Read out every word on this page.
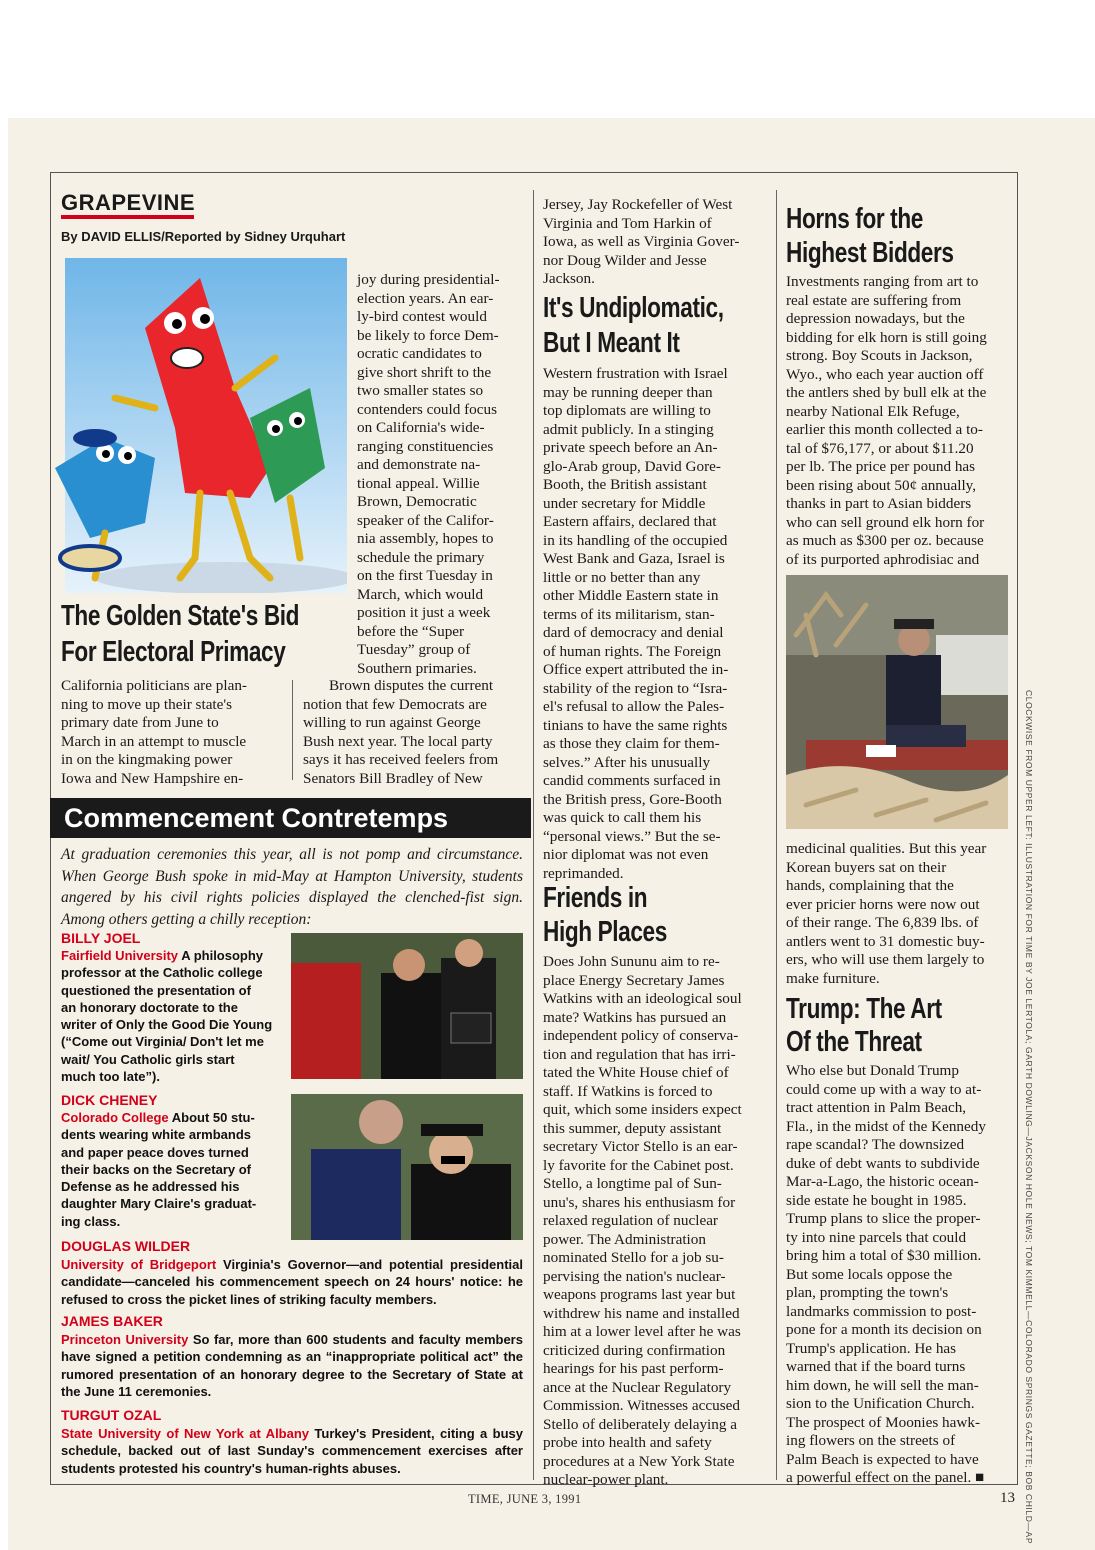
GRAPEVINE
By DAVID ELLIS/Reported by Sidney Urquhart
The Golden State's Bid
For Electoral Primacy
California politicians are plan-
ning to move up their state's
primary date from June to
March in an attempt to muscle
in on the kingmaking power
Iowa and New Hampshire en-
joy during presidential-
election years. An ear-
ly-bird contest would
be likely to force Dem-
ocratic candidates to
give short shrift to the
two smaller states so
contenders could focus
on California's wide-
ranging constituencies
and demonstrate na-
tional appeal. Willie
Brown, Democratic
speaker of the Califor-
nia assembly, hopes to
schedule the primary
on the first Tuesday in
March, which would
position it just a week
before the “Super
Tuesday” group of
Southern primaries.
Brown disputes the current
notion that few Democrats are
willing to run against George
Bush next year. The local party
says it has received feelers from
Senators Bill Bradley of New
Commencement Contretemps
At graduation ceremonies this year, all is not pomp and circumstance. When George Bush spoke in mid-May at Hampton University, students angered by his civil rights policies displayed the clenched-fist sign. Among others getting a chilly reception:
BILLY JOEL
Fairfield University A philosophy
professor at the Catholic college
questioned the presentation of
an honorary doctorate to the
writer of Only the Good Die Young
(“Come out Virginia/ Don't let me
wait/ You Catholic girls start
much too late”).
DICK CHENEY
Colorado College About 50 stu-
dents wearing white armbands
and paper peace doves turned
their backs on the Secretary of
Defense as he addressed his
daughter Mary Claire's graduat-
ing class.
DOUGLAS WILDER
University of Bridgeport Virginia's Governor—and potential presidential candidate—canceled his commencement speech on 24 hours' notice: he refused to cross the picket lines of striking faculty members.
JAMES BAKER
Princeton University So far, more than 600 students and faculty members have signed a petition condemning as an “inappropriate political act” the rumored presentation of an honorary degree to the Secretary of State at the June 11 ceremonies.
TURGUT OZAL
State University of New York at Albany Turkey's President, citing a busy schedule, backed out of last Sunday's commencement exercises after students protested his country's human-rights abuses.
Jersey, Jay Rockefeller of West
Virginia and Tom Harkin of
Iowa, as well as Virginia Gover-
nor Doug Wilder and Jesse
Jackson.
It's Undiplomatic,
But I Meant It
Western frustration with Israel
may be running deeper than
top diplomats are willing to
admit publicly. In a stinging
private speech before an An-
glo-Arab group, David Gore-
Booth, the British assistant
under secretary for Middle
Eastern affairs, declared that
in its handling of the occupied
West Bank and Gaza, Israel is
little or no better than any
other Middle Eastern state in
terms of its militarism, stan-
dard of democracy and denial
of human rights. The Foreign
Office expert attributed the in-
stability of the region to “Isra-
el's refusal to allow the Pales-
tinians to have the same rights
as those they claim for them-
selves.” After his unusually
candid comments surfaced in
the British press, Gore-Booth
was quick to call them his
“personal views.” But the se-
nior diplomat was not even
reprimanded.
Friends in
High Places
Does John Sununu aim to re-
place Energy Secretary James
Watkins with an ideological soul
mate? Watkins has pursued an
independent policy of conserva-
tion and regulation that has irri-
tated the White House chief of
staff. If Watkins is forced to
quit, which some insiders expect
this summer, deputy assistant
secretary Victor Stello is an ear-
ly favorite for the Cabinet post.
Stello, a longtime pal of Sun-
unu's, shares his enthusiasm for
relaxed regulation of nuclear
power. The Administration
nominated Stello for a job su-
pervising the nation's nuclear-
weapons programs last year but
withdrew his name and installed
him at a lower level after he was
criticized during confirmation
hearings for his past perform-
ance at the Nuclear Regulatory
Commission. Witnesses accused
Stello of deliberately delaying a
probe into health and safety
procedures at a New York State
nuclear-power plant.
Horns for the
Highest Bidders
Investments ranging from art to
real estate are suffering from
depression nowadays, but the
bidding for elk horn is still going
strong. Boy Scouts in Jackson,
Wyo., who each year auction off
the antlers shed by bull elk at the
nearby National Elk Refuge,
earlier this month collected a to-
tal of $76,177, or about $11.20
per lb. The price per pound has
been rising about 50¢ annually,
thanks in part to Asian bidders
who can sell ground elk horn for
as much as $300 per oz. because
of its purported aphrodisiac and
medicinal qualities. But this year
Korean buyers sat on their
hands, complaining that the
ever pricier horns were now out
of their range. The 6,839 lbs. of
antlers went to 31 domestic buy-
ers, who will use them largely to
make furniture.
Trump: The Art
Of the Threat
Who else but Donald Trump
could come up with a way to at-
tract attention in Palm Beach,
Fla., in the midst of the Kennedy
rape scandal? The downsized
duke of debt wants to subdivide
Mar-a-Lago, the historic ocean-
side estate he bought in 1985.
Trump plans to slice the proper-
ty into nine parcels that could
bring him a total of $30 million.
But some locals oppose the
plan, prompting the town's
landmarks commission to post-
pone for a month its decision on
Trump's application. He has
warned that if the board turns
him down, he will sell the man-
sion to the Unification Church.
The prospect of Moonies hawk-
ing flowers on the streets of
Palm Beach is expected to have
a powerful effect on the panel. ■	CLOCKWISE FROM UPPER LEFT: ILLUSTRATION FOR TIME BY JOE LERTOLA; GARTH DOWLING—JACKSON HOLE NEWS; TOM KIMMELL—COLORADO SPRINGS GAZETTE; BOB CHILD—AP
TIME, JUNE 3, 1991	13
